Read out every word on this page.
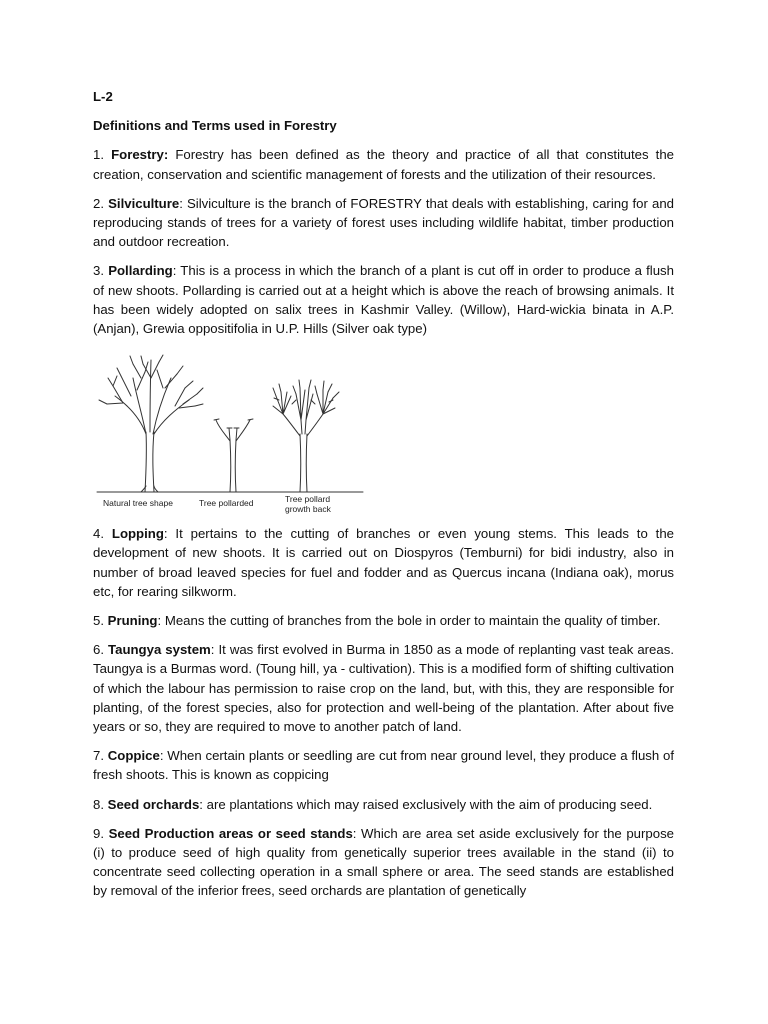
L-2
Definitions and Terms used in Forestry

1. Forestry: Forestry has been defined as the theory and practice of all that constitutes the creation, conservation and scientific management of forests and the utilization of their resources.

2. Silviculture: Silviculture is the branch of FORESTRY that deals with establishing, caring for and reproducing stands of trees for a variety of forest uses including wildlife habitat, timber production and outdoor recreation.

3. Pollarding: This is a process in which the branch of a plant is cut off in order to produce a flush of new shoots. Pollarding is carried out at a height which is above the reach of browsing animals. It has been widely adopted on salix trees in Kashmir Valley. (Willow), Hard-wickia binata in A.P. (Anjan), Grewia oppositifolia in U.P. Hills (Silver oak type)

Natural tree shape	Tree pollarded	Tree pollard
growth back

4. Lopping: It pertains to the cutting of branches or even young stems. This leads to the development of new shoots. It is carried out on Diospyros (Temburni) for bidi industry, also in number of broad leaved species for fuel and fodder and as Quercus incana (Indiana oak), morus etc, for rearing silkworm.

5. Pruning: Means the cutting of branches from the bole in order to maintain the quality of timber.

6. Taungya system: It was first evolved in Burma in 1850 as a mode of replanting vast teak areas. Taungya is a Burmas word. (Toung hill, ya - cultivation). This is a modified form of shifting cultivation of which the labour has permission to raise crop on the land, but, with this, they are responsible for planting, of the forest species, also for protection and well-being of the plantation. After about five years or so, they are required to move to another patch of land.

7. Coppice: When certain plants or seedling are cut from near ground level, they produce a flush of fresh shoots. This is known as coppicing

8. Seed orchards: are plantations which may raised exclusively with the aim of producing seed.

9. Seed Production areas or seed stands: Which are area set aside exclusively for the purpose (i) to produce seed of high quality from genetically superior trees available in the stand (ii) to concentrate seed collecting operation in a small sphere or area. The seed stands are established by removal of the inferior frees, seed orchards are plantation of genetically
